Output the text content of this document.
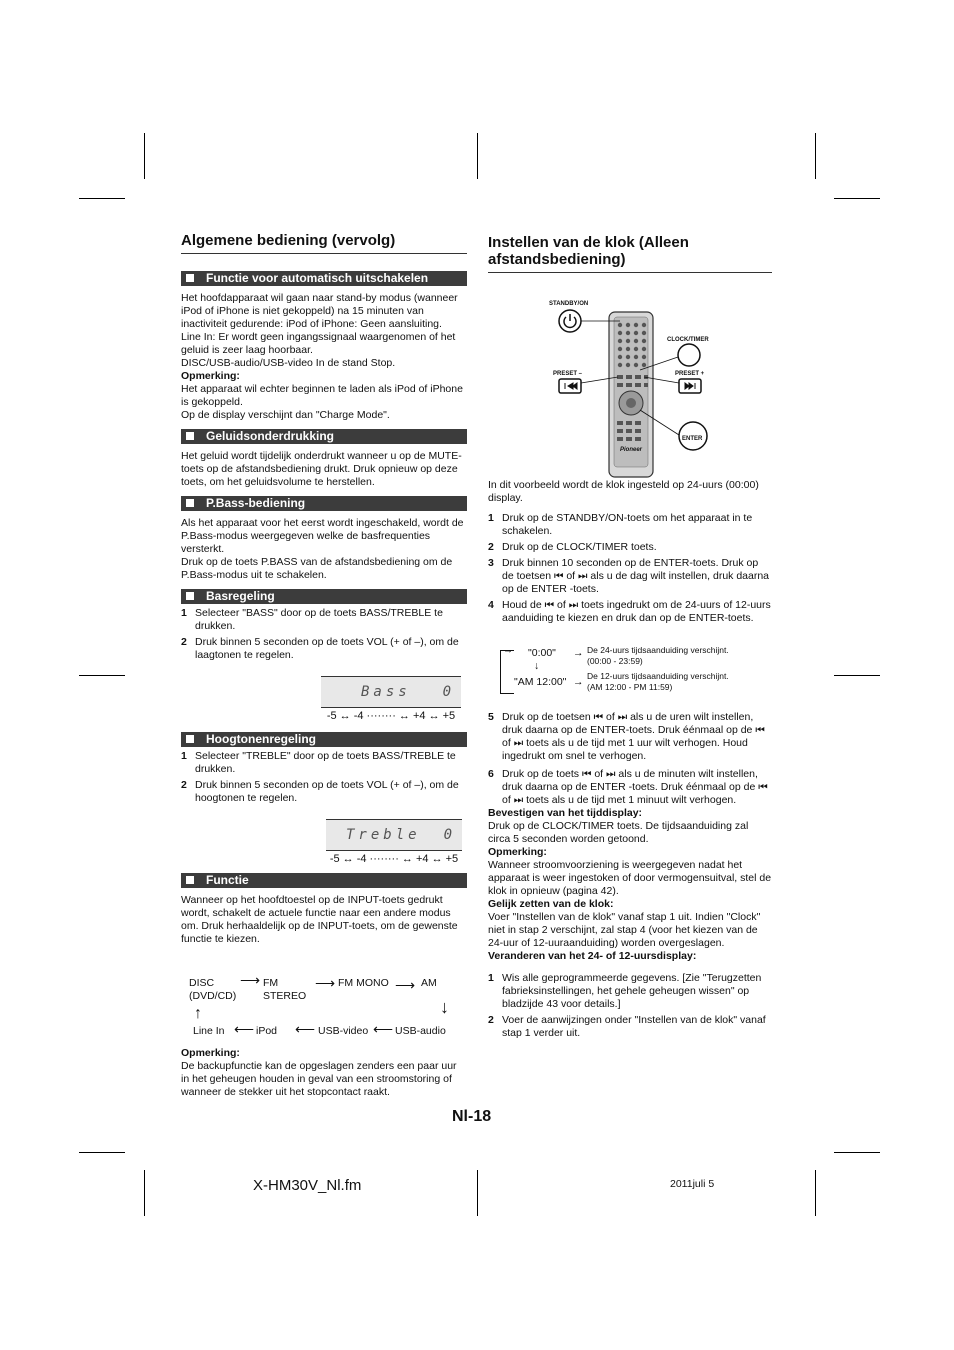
Algemene bediening (vervolg)
Functie voor automatisch uitschakelen

Het hoofdapparaat wil gaan naar stand-by modus (wanneer iPod of iPhone is niet gekoppeld) na 15 minuten van inactiviteit gedurende: iPod of iPhone: Geen aansluiting.

Line In: Er wordt geen ingangssignaal waargenomen of het geluid is zeer laag hoorbaar.

DISC/USB-audio/USB-video In de stand Stop.

Opmerking:

Het apparaat wil echter beginnen te laden als iPod of iPhone is gekoppeld.

Op de display verschijnt dan "Charge Mode".

Geluidsonderdrukking

Het geluid wordt tijdelijk onderdrukt wanneer u op de MUTE-toets op de afstandsbediening drukt. Druk opnieuw op deze toets, om het geluidsvolume te herstellen.

P.Bass-bediening

Als het apparaat voor het eerst wordt ingeschakeld, wordt de P.Bass-modus weergegeven welke de basfrequenties versterkt.

Druk op de toets P.BASS van de afstandsbediening om de P.Bass-modus uit te schakelen.

Basregeling
1 Selecteer "BASS" door op de toets BASS/TREBLE te drukken.
2 Druk binnen 5 seconden op de toets VOL (+ of –), om de laagtonen te regelen.
Bass 0
-5 ↔ -4 ········ ↔ +4 ↔ +5
Hoogtonenregeling
1 Selecteer "TREBLE" door op de toets BASS/TREBLE te drukken.
2 Druk binnen 5 seconden op de toets VOL (+ of –), om de hoogtonen te regelen.
Treble 0
-5 ↔ -4 ········ ↔ +4 ↔ +5
Functie

Wanneer op het hoofdtoestel op de INPUT-toets gedrukt wordt, schakelt de actuele functie naar een andere modus om. Druk herhaaldelijk op de INPUT-toets, om de gewenste functie te kiezen.

DISC
(DVD/CD)
⟶ FM
STEREO
⟶ FM MONO ⟶ AM
↓
↑
Line In ⟵ iPod ⟵ USB-video ⟵ USB-audio

Opmerking:

De backupfunctie kan de opgeslagen zenders een paar uur in het geheugen houden in geval van een stroomstoring of wanneer de stekker uit het stopcontact raakt.

Instellen van de klok (Alleen
afstandsbediening)
STANDBY/ON
CLOCK/TIMER
PRESET –	PRESET +
ENTER
Pioneer

In dit voorbeeld wordt de klok ingesteld op 24-uurs (00:00) display.

1 Druk op de STANDBY/ON-toets om het apparaat in te schakelen.
2 Druk op de CLOCK/TIMER toets.
3 Druk binnen 10 seconden op de ENTER-toets. Druk op de toetsen ⏮ of ⏭ als u de dag wilt instellen, druk daarna op de ENTER -toets.
4 Houd de ⏮ of ⏭ toets ingedrukt om de 24-uurs of 12-uurs aanduiding te kiezen en druk dan op de ENTER-toets.
→ "0:00"
↓
"AM 12:00"
→
→
De 24-uurs tijdsaanduiding verschijnt.
(00:00 - 23:59)
De 12-uurs tijdsaanduiding verschijnt.
(AM 12:00 - PM 11:59)
5 Druk op de toetsen ⏮ of ⏭ als u de uren wilt instellen, druk daarna op de ENTER-toets. Druk éénmaal op de ⏮ of ⏭ toets als u de tijd met 1 uur wilt verhogen. Houd ingedrukt om snel te verhogen.
6 Druk op de toets ⏮ of ⏭ als u de minuten wilt instellen, druk daarna op de ENTER -toets. Druk éénmaal op de ⏮ of ⏭ toets als u de tijd met 1 minuut wilt verhogen.

Bevestigen van het tijddisplay:

Druk op de CLOCK/TIMER toets. De tijdsaanduiding zal circa 5 seconden worden getoond.

Opmerking:

Wanneer stroomvoorziening is weergegeven nadat het apparaat is weer ingestoken of door vermogensuitval, stel de klok in opnieuw (pagina 42).

Gelijk zetten van de klok:

Voer "Instellen van de klok" vanaf stap 1 uit. Indien "Clock" niet in stap 2 verschijnt, zal stap 4 (voor het kiezen van de 24-uur of 12-uuraanduiding) worden overgeslagen.

Veranderen van het 24- of 12-uursdisplay:

1 Wis alle geprogrammeerde gegevens. [Zie "Terugzetten fabrieksinstellingen, het gehele geheugen wissen" op bladzijde 43 voor details.]
2 Voer de aanwijzingen onder "Instellen van de klok" vanaf stap 1 verder uit.
Nl-18
X-HM30V_Nl.fm	2011juli 5
